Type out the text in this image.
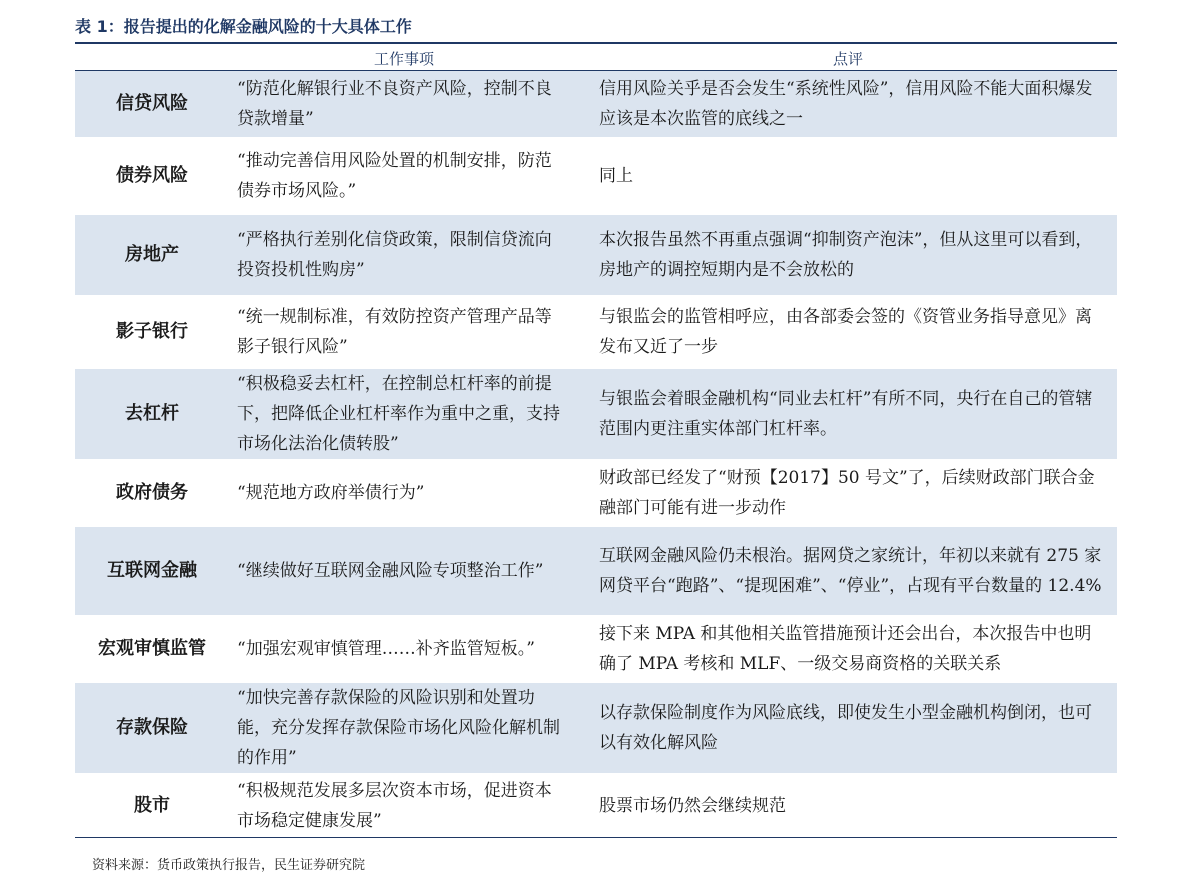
表 1：报告提出的化解金融风险的十大具体工作
	工作事项	点评
信贷风险	“防范化解银行业不良资产风险，控制不良贷款增量”	信用风险关乎是否会发生“系统性风险”，信用风险不能大面积爆发应该是本次监管的底线之一
债券风险	“推动完善信用风险处置的机制安排，防范债券市场风险。”	同上
房地产	“严格执行差别化信贷政策，限制信贷流向投资投机性购房”	本次报告虽然不再重点强调“抑制资产泡沫”，但从这里可以看到，房地产的调控短期内是不会放松的
影子银行	“统一规制标准，有效防控资产管理产品等影子银行风险”	与银监会的监管相呼应，由各部委会签的《资管业务指导意见》离发布又近了一步
去杠杆	“积极稳妥去杠杆，在控制总杠杆率的前提下，把降低企业杠杆率作为重中之重，支持市场化法治化债转股”	与银监会着眼金融机构“同业去杠杆”有所不同，央行在自己的管辖范围内更注重实体部门杠杆率。
政府债务	“规范地方政府举债行为”	财政部已经发了“财预【2017】50 号文”了，后续财政部门联合金融部门可能有进一步动作
互联网金融	“继续做好互联网金融风险专项整治工作”	互联网金融风险仍未根治。据网贷之家统计，年初以来就有 275 家网贷平台“跑路”、“提现困难”、“停业”，占现有平台数量的 12.4%
宏观审慎监管	“加强宏观审慎管理……补齐监管短板。”	接下来 MPA 和其他相关监管措施预计还会出台，本次报告中也明确了 MPA 考核和 MLF、一级交易商资格的关联关系
存款保险	“加快完善存款保险的风险识别和处置功能，充分发挥存款保险市场化风险化解机制的作用”	以存款保险制度作为风险底线，即使发生小型金融机构倒闭，也可以有效化解风险
股市	“积极规范发展多层次资本市场，促进资本市场稳定健康发展”	股票市场仍然会继续规范
资料来源：货币政策执行报告，民生证券研究院
